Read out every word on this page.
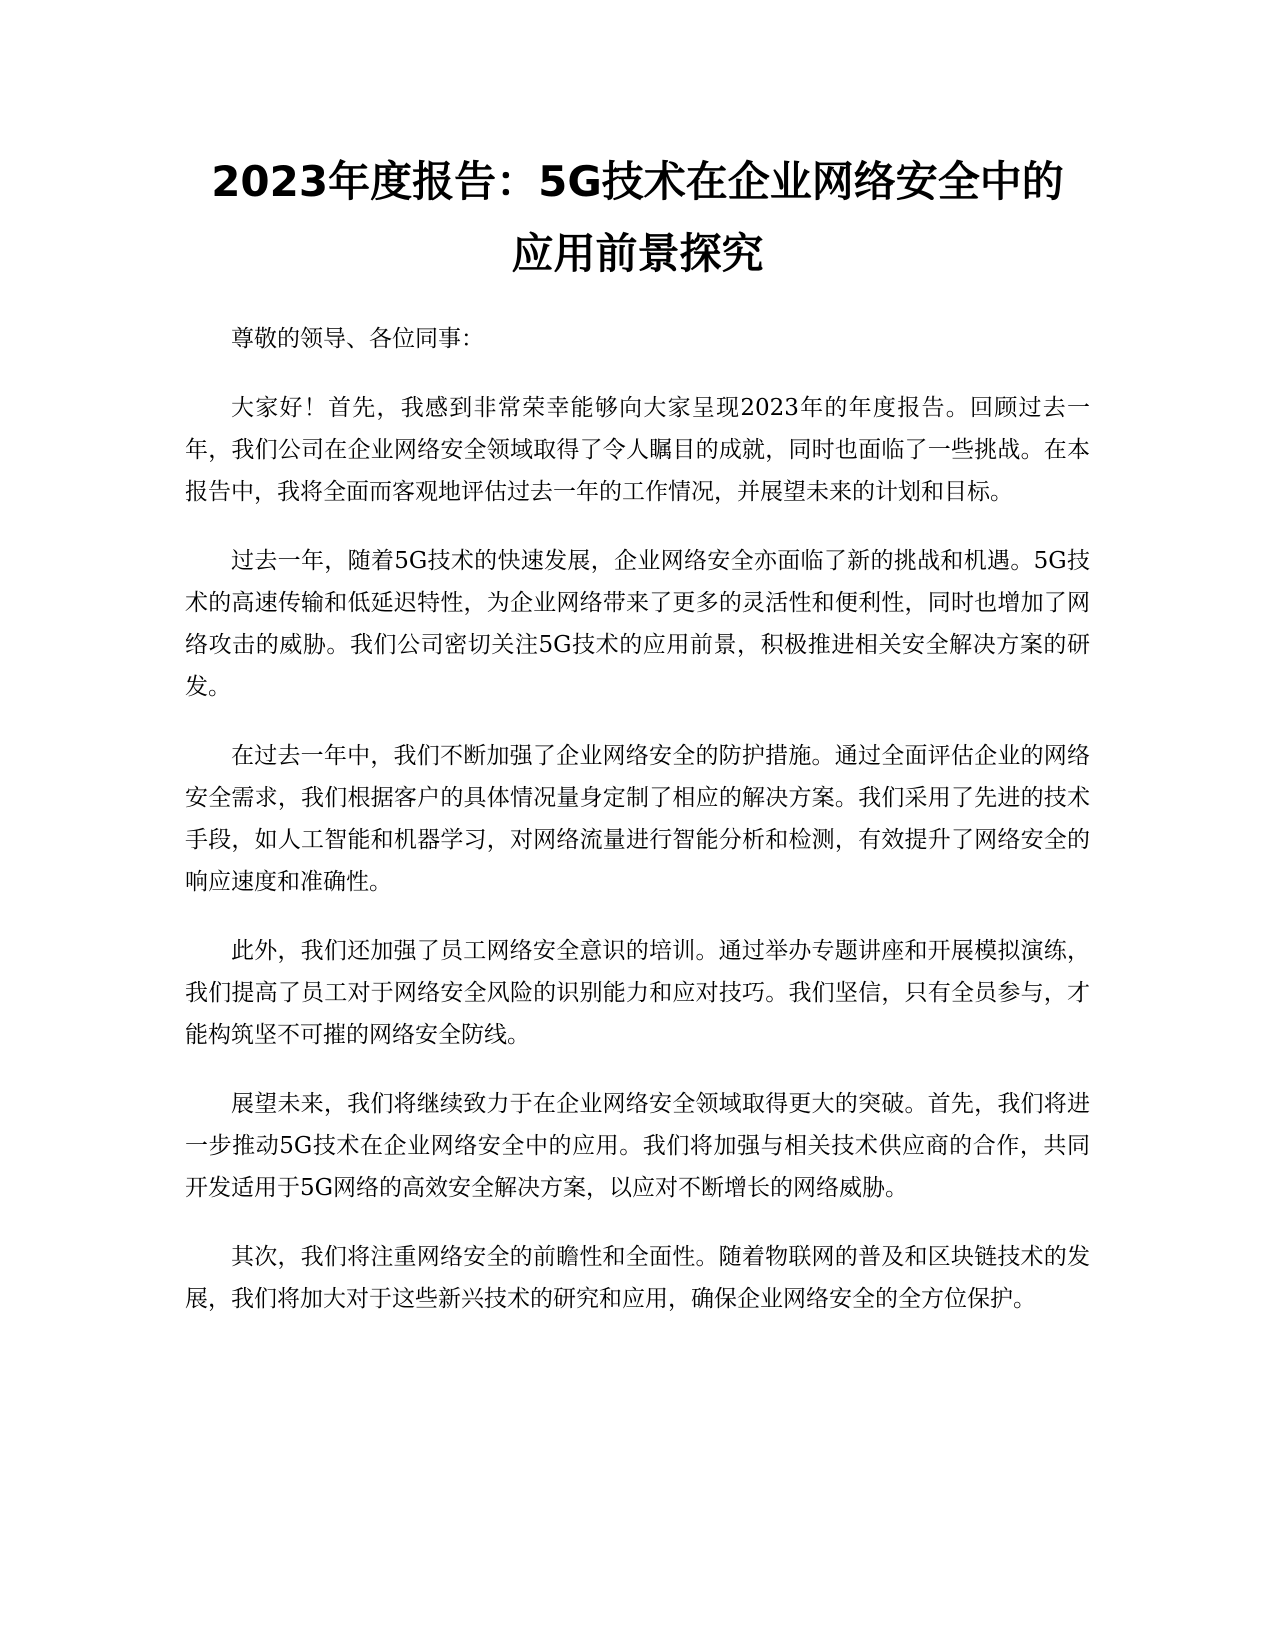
2023年度报告：5G技术在企业网络安全中的
应用前景探究

尊敬的领导、各位同事：

大家好！首先，我感到非常荣幸能够向大家呈现2023年的年度报告。回顾过去一年，我们公司在企业网络安全领域取得了令人瞩目的成就，同时也面临了一些挑战。在本报告中，我将全面而客观地评估过去一年的工作情况，并展望未来的计划和目标。

过去一年，随着5G技术的快速发展，企业网络安全亦面临了新的挑战和机遇。5G技术的高速传输和低延迟特性，为企业网络带来了更多的灵活性和便利性，同时也增加了网络攻击的威胁。我们公司密切关注5G技术的应用前景，积极推进相关安全解决方案的研发。

在过去一年中，我们不断加强了企业网络安全的防护措施。通过全面评估企业的网络安全需求，我们根据客户的具体情况量身定制了相应的解决方案。我们采用了先进的技术手段，如人工智能和机器学习，对网络流量进行智能分析和检测，有效提升了网络安全的响应速度和准确性。

此外，我们还加强了员工网络安全意识的培训。通过举办专题讲座和开展模拟演练，我们提高了员工对于网络安全风险的识别能力和应对技巧。我们坚信，只有全员参与，才能构筑坚不可摧的网络安全防线。

展望未来，我们将继续致力于在企业网络安全领域取得更大的突破。首先，我们将进一步推动5G技术在企业网络安全中的应用。我们将加强与相关技术供应商的合作，共同开发适用于5G网络的高效安全解决方案，以应对不断增长的网络威胁。

其次，我们将注重网络安全的前瞻性和全面性。随着物联网的普及和区块链技术的发展，我们将加大对于这些新兴技术的研究和应用，确保企业网络安全的全方位保护。
